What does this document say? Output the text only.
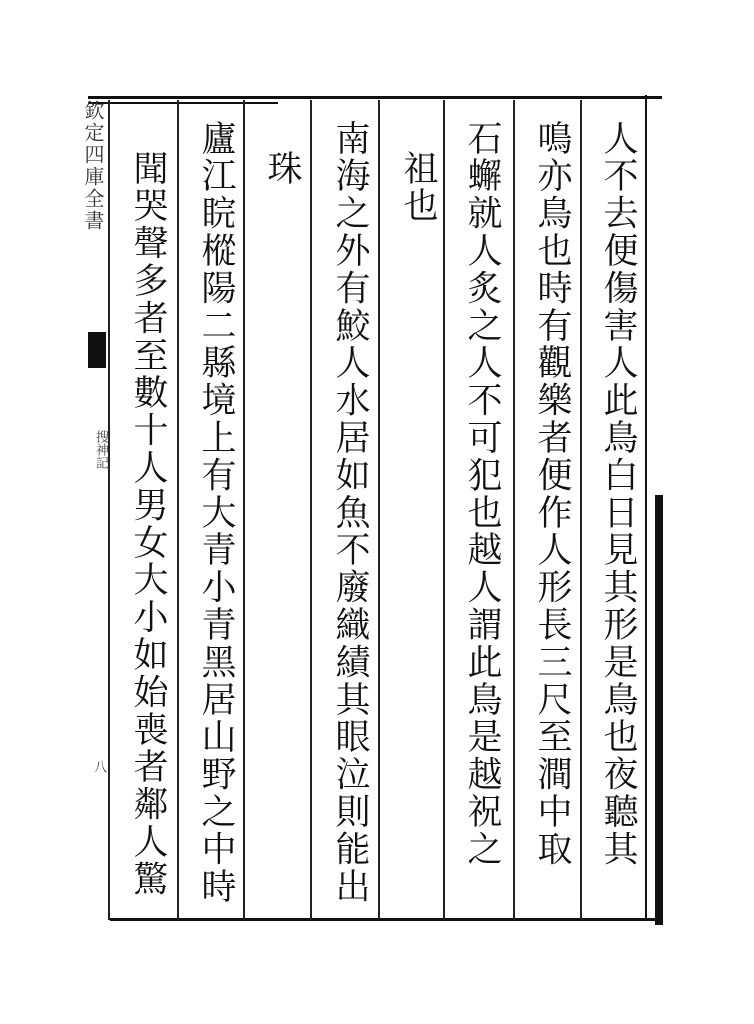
欽定四庫全書
搜神記
八	人不去便傷害人此鳥白日見其形是鳥也夜聽其
鳴亦鳥也時有觀樂者便作人形長三尺至澗中取
石蠏就人炙之人不可犯也越人謂此鳥是越祝之
祖也
南海之外有鮫人水居如魚不廢織績其眼泣則能出
珠
廬江睆樅陽二縣境上有大青小青黑居山野之中時
聞哭聲多者至數十人男女大小如始喪者鄰人驚
